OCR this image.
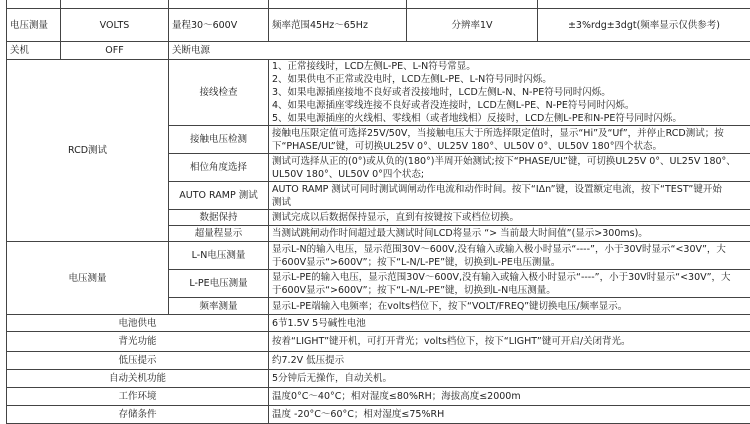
电压测量	VOLTS	量程30～600V	频率范围45Hz～65Hz	分辨率1V	±3%rdg±3dgt(频率显示仅供参考)
关机	OFF	关断电源			
RCD测试		接线检查	1、正常接线时，LCD左侧L-PE、L-N符号常显。
2、如果供电不正常或没电时，LCD左侧L-PE、L-N符号同时闪烁。
3、如果电源插座接地不良好或者没接地时，LCD左侧L-N、N-PE符号同时闪烁。
4、如果电源插座零线连接不良好或者没连接时，LCD左侧L-PE、N-PE符号同时闪烁。
5、如果电源插座的火线相、零线相（或者地线相）反接时，LCD左侧L-PE和N-PE符号同时闪烁。		

		接触电压检测	接触电压限定值可选择25V/50V，当接触电压大于所选择限定值时，显示“Hi”及“Uf”，并停止RCD测试；按
下“PHASE/UL”键，可切换UL25V 0°、UL25V 180°、UL50V 0°、UL50V 180°四个状态。		

		相位角度选择	测试可选择从正的(0°)或从负的(180°)半周开始测试;按下“PHASE/UL”键，可切换UL25V 0°、UL25V 180°、
UL50V 180°、UL50V 0°四个状态;		

		AUTO RAMP 测试	AUTO RAMP 测试可同时测试调闸动作电流和动作时间。按下“IΔn”键，设置额定电流，按下“TEST”键开始
测试		

		数据保持	测试完成以后数据保持显示，直到有按键按下或档位切换。		
		超量程显示	当测试跳闸动作时间超过最大测试时间LCD将显示 “> 当前最大时间值”(显示>300ms)。		
电压测量		L-N电压测量	显示L-N的输入电压，显示范围30V～600V,没有输入或输入极小时显示“----”，小于30V时显示“<30V”，大
于600V显示“>600V”；按下“L-N/L-PE”键，切换到L-PE电压测量。		

		L-PE电压测量	显示L-PE的输入电压，显示范围30V～600V,没有输入或输入极小时显示“----”，小于30V时显示“<30V”，大
于600V显示“>600V”；按下“L-N/L-PE”键，切换到L-N电压测量。		

		频率测量	显示L-PE端输入电频率；在volts档位下，按下“VOLT/FREQ”键切换电压/频率显示。		
电池供电			6节1.5V 5号碱性电池		
背光功能			按着“LIGHT”键开机，可打开背光；volts档位下，按下“LIGHT”键可开启/关闭背光。		
低压提示			约7.2V 低压提示		
自动关机功能			5分钟后无操作，自动关机。		
工作环境			温度0°C～40°C；相对湿度≤80%RH；海拔高度≤2000m		
存储条件			温度 -20°C～60°C；相对湿度≤75%RH		
